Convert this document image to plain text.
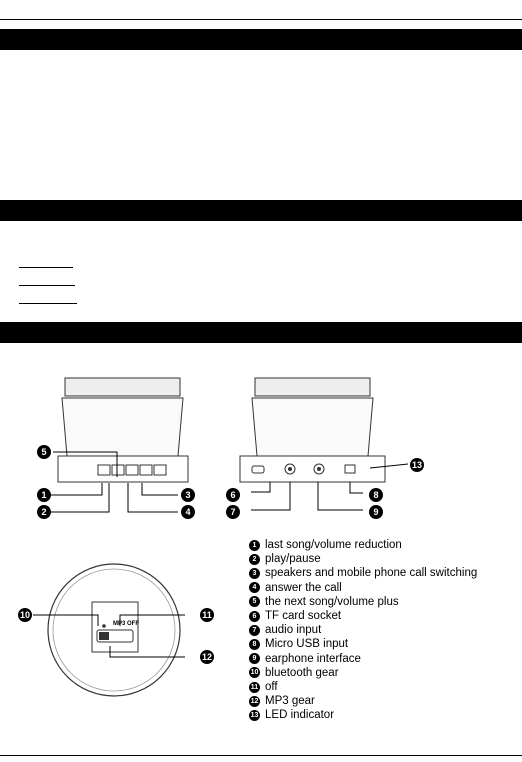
5
1
2
3
4
6
7
8
9
13
MP3 OFF
10	11
12
1 last song/volume reduction
2 play/pause
3 speakers and mobile phone call switching
4 answer the call
5 the next song/volume plus
6 TF card socket
7 audio input
8 Micro USB input
9 earphone interface
10 bluetooth gear
11 off
12 MP3 gear
13 LED indicator
